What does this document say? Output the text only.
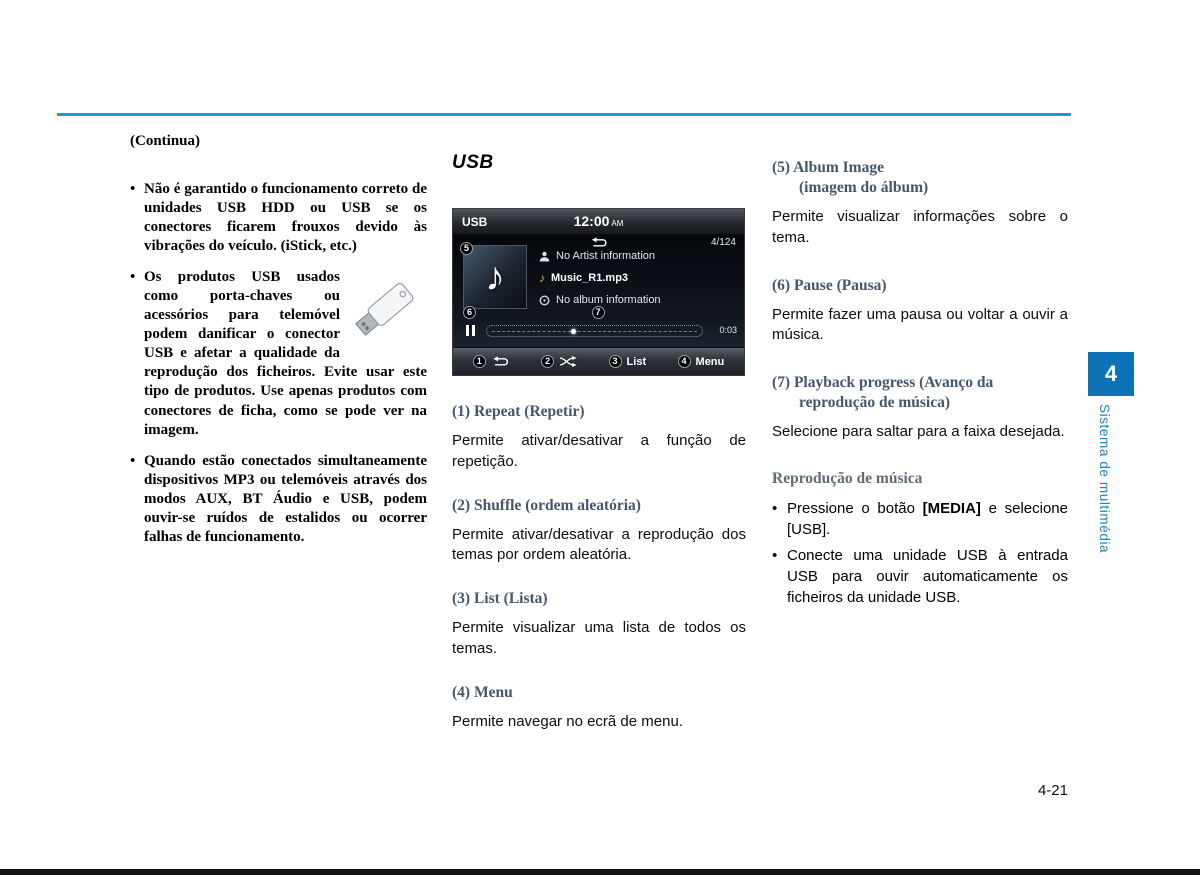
(Continua)
• Não é garantido o funcionamento correto de unidades USB HDD ou USB se os conectores ficarem frouxos devido às vibrações do veículo. (iStick, etc.)
• Os produtos USB usados como porta-chaves ou acessórios para telemóvel podem danificar o conector USB e afetar a qualidade da reprodução dos ficheiros. Evite usar este tipo de produtos. Use apenas produtos com conectores de ficha, como se pode ver na imagem.
• Quando estão conectados simultaneamente dispositivos MP3 ou telemóveis através dos modos AUX, BT Áudio e USB, podem ouvir-se ruídos de estalidos ou ocorrer falhas de funcionamento.
USB
USB	12:00 AM
4/124
♪
5
No Artist information
♪ Music_R1.mp3
No album information
6	7
0:03
1	2	3 List	4 Menu
(1) Repeat (Repetir)
Permite ativar/desativar a função de repetição.
(2) Shuffle (ordem aleatória)
Permite ativar/desativar a reprodução dos temas por ordem aleatória.
(3) List (Lista)
Permite visualizar uma lista de todos os temas.
(4) Menu
Permite navegar no ecrã de menu.
(5) Album Image
(imagem do álbum)
Permite visualizar informações sobre o tema.
(6) Pause (Pausa)
Permite fazer uma pausa ou voltar a ouvir a música.
(7) Playback progress (Avanço da
reprodução de música)
Selecione para saltar para a faixa desejada.
Reprodução de música
• Pressione o botão [MEDIA] e selecione [USB].
• Conecte uma unidade USB à entrada USB para ouvir automaticamente os ficheiros da unidade USB.
4
Sistema de multimédia
4-21
